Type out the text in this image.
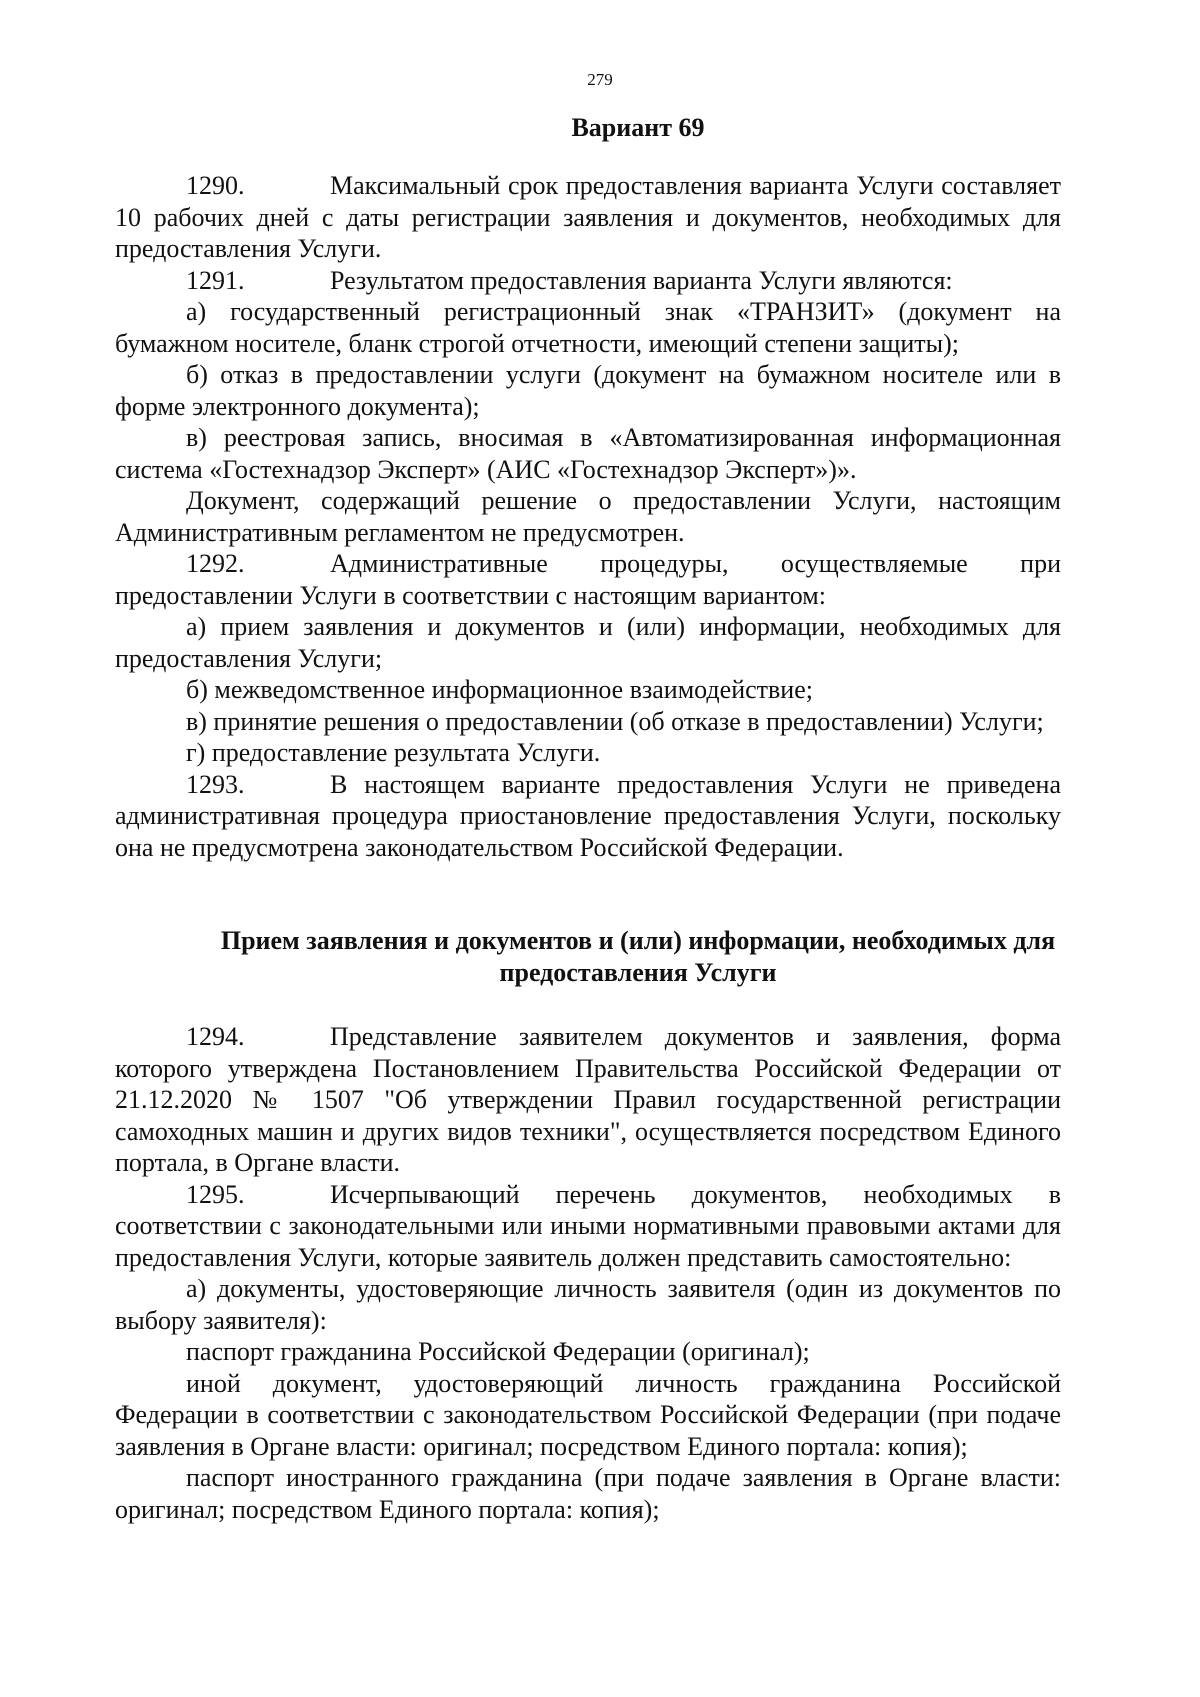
279
Вариант 69

1290.	Максимальный срок предоставления варианта Услуги составляет 10 рабочих дней с даты регистрации заявления и документов, необходимых для предоставления Услуги.

1291.	Результатом предоставления варианта Услуги являются:

а) государственный регистрационный знак «ТРАНЗИТ» (документ на бумажном носителе, бланк строгой отчетности, имеющий степени защиты);

б) отказ в предоставлении услуги (документ на бумажном носителе или в форме электронного документа);

в) реестровая запись, вносимая в «Автоматизированная информационная система «Гостехнадзор Эксперт» (АИС «Гостехнадзор Эксперт»)».

Документ, содержащий решение о предоставлении Услуги, настоящим Административным регламентом не предусмотрен.

1292.	Административные процедуры, осуществляемые при предоставлении Услуги в соответствии с настоящим вариантом:

а) прием заявления и документов и (или) информации, необходимых для предоставления Услуги;

б) межведомственное информационное взаимодействие;

в) принятие решения о предоставлении (об отказе в предоставлении) Услуги;

г) предоставление результата Услуги.

1293.	В настоящем варианте предоставления Услуги не приведена административная процедура приостановление предоставления Услуги, поскольку она не предусмотрена законодательством Российской Федерации.

Прием заявления и документов и (или) информации, необходимых для предоставления Услуги

1294.	Представление заявителем документов и заявления, форма которого утверждена Постановлением Правительства Российской Федерации от 21.12.2020 № 1507 "Об утверждении Правил государственной регистрации самоходных машин и других видов техники", осуществляется посредством Единого портала, в Органе власти.

1295.	Исчерпывающий перечень документов, необходимых в соответствии с законодательными или иными нормативными правовыми актами для предоставления Услуги, которые заявитель должен представить самостоятельно:

а) документы, удостоверяющие личность заявителя (один из документов по выбору заявителя):

паспорт гражданина Российской Федерации (оригинал);

иной документ, удостоверяющий личность гражданина Российской Федерации в соответствии с законодательством Российской Федерации (при подаче заявления в Органе власти: оригинал; посредством Единого портала: копия);

паспорт иностранного гражданина (при подаче заявления в Органе власти: оригинал; посредством Единого портала: копия);
